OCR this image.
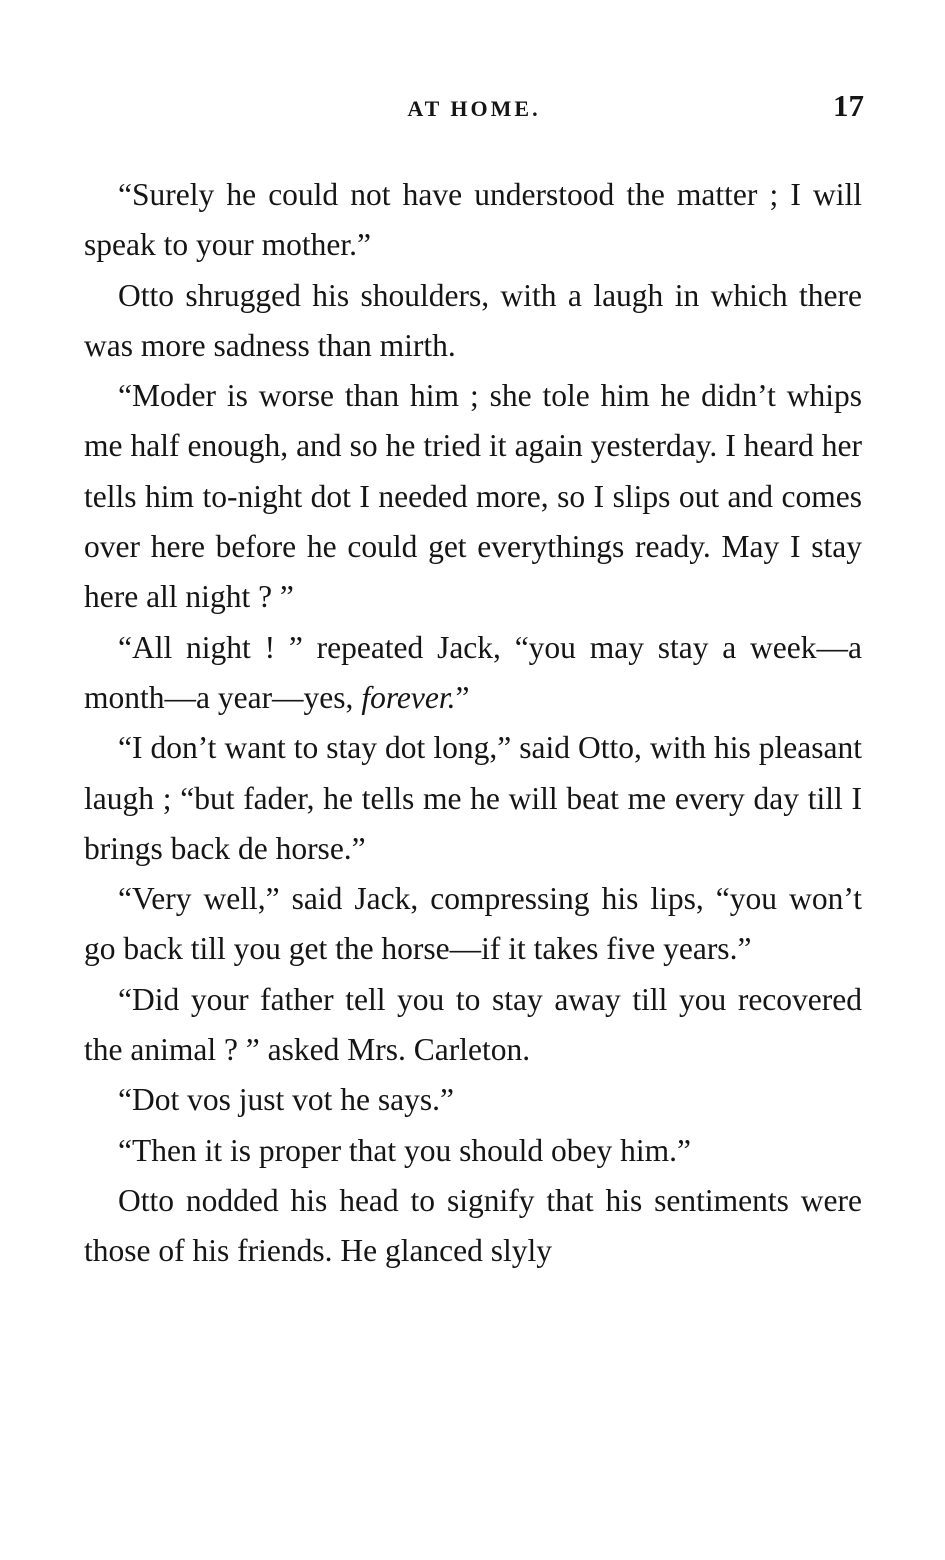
AT HOME.	17

“Surely he could not have understood the matter ; I will speak to your mother.”

Otto shrugged his shoulders, with a laugh in which there was more sadness than mirth.

“Moder is worse than him ; she tole him he didn’t whips me half enough, and so he tried it again yesterday. I heard her tells him to-night dot I needed more, so I slips out and comes over here before he could get everythings ready. May I stay here all night ? ”

“All night ! ” repeated Jack, “you may stay a week—a month—a year—yes, forever.”

“I don’t want to stay dot long,” said Otto, with his pleasant laugh ; “but fader, he tells me he will beat me every day till I brings back de horse.”

“Very well,” said Jack, compressing his lips, “you won’t go back till you get the horse—if it takes five years.”

“Did your father tell you to stay away till you recovered the animal ? ” asked Mrs. Carleton.

“Dot vos just vot he says.”

“Then it is proper that you should obey him.”

Otto nodded his head to signify that his sentiments were those of his friends. He glanced slyly
